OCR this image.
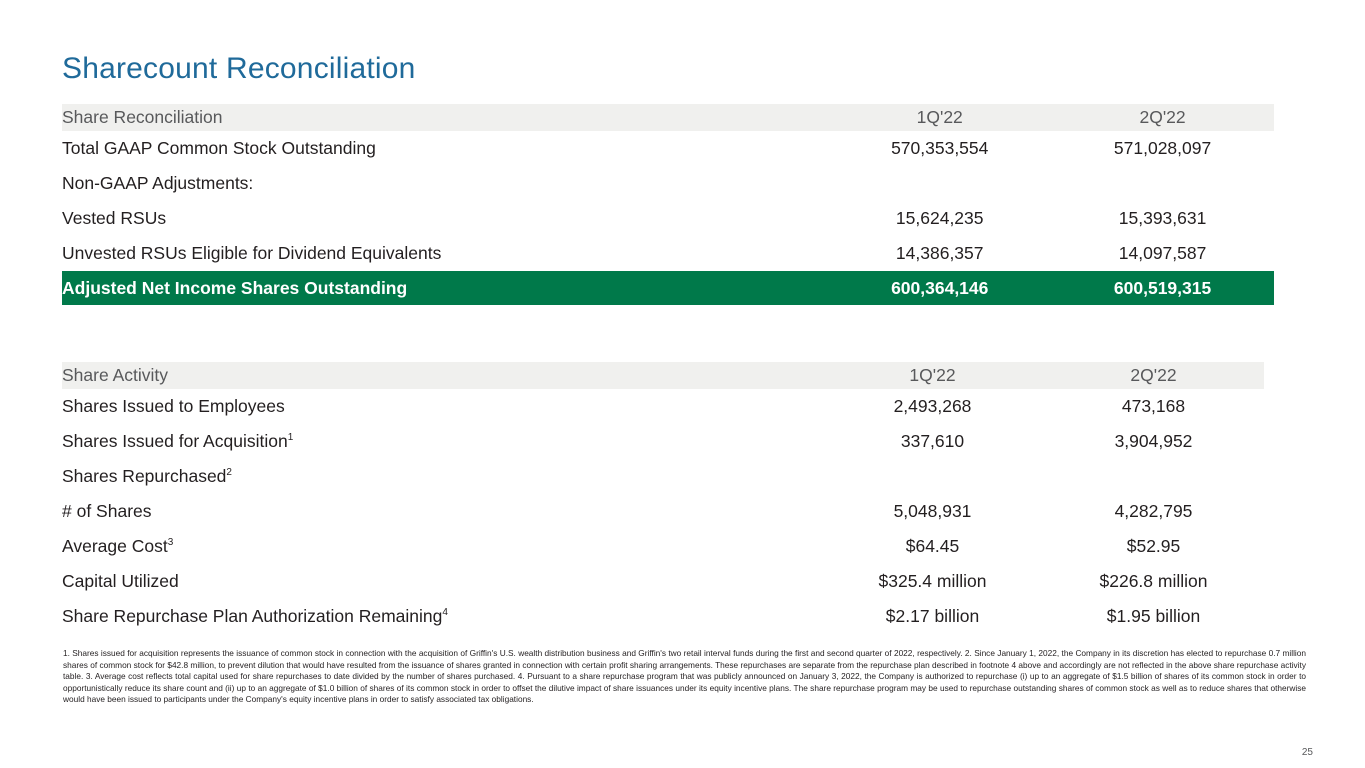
Sharecount Reconciliation
Share Reconciliation	1Q'22	2Q'22
Total GAAP Common Stock Outstanding	570,353,554	571,028,097
Non-GAAP Adjustments:		
Vested RSUs	15,624,235	15,393,631
Unvested RSUs Eligible for Dividend Equivalents	14,386,357	14,097,587
Adjusted Net Income Shares Outstanding	600,364,146	600,519,315
Share Activity	1Q'22	2Q'22
Shares Issued to Employees	2,493,268	473,168
Shares Issued for Acquisition$^1$	337,610	3,904,952
Shares Repurchased$^2$		
# of Shares	5,048,931	4,282,795
Average Cost$^3$	$64.45	$52.95
Capital Utilized	$325.4 million	$226.8 million
Share Repurchase Plan Authorization Remaining$^4$	$2.17 billion	$1.95 billion
1. Shares issued for acquisition represents the issuance of common stock in connection with the acquisition of Griffin's U.S. wealth distribution business and Griffin's two retail interval funds during the first and second quarter of 2022, respectively. 2. Since January 1, 2022, the Company in its discretion has elected to repurchase 0.7 million shares of common stock for $42.8 million, to prevent dilution that would have resulted from the issuance of shares granted in connection with certain profit sharing arrangements. These repurchases are separate from the repurchase plan described in footnote 4 above and accordingly are not reflected in the above share repurchase activity table. 3. Average cost reflects total capital used for share repurchases to date divided by the number of shares purchased. 4. Pursuant to a share repurchase program that was publicly announced on January 3, 2022, the Company is authorized to repurchase (i) up to an aggregate of $1.5 billion of shares of its common stock in order to opportunistically reduce its share count and (ii) up to an aggregate of $1.0 billion of shares of its common stock in order to offset the dilutive impact of share issuances under its equity incentive plans. The share repurchase program may be used to repurchase outstanding shares of common stock as well as to reduce shares that otherwise would have been issued to participants under the Company's equity incentive plans in order to satisfy associated tax obligations.
25
